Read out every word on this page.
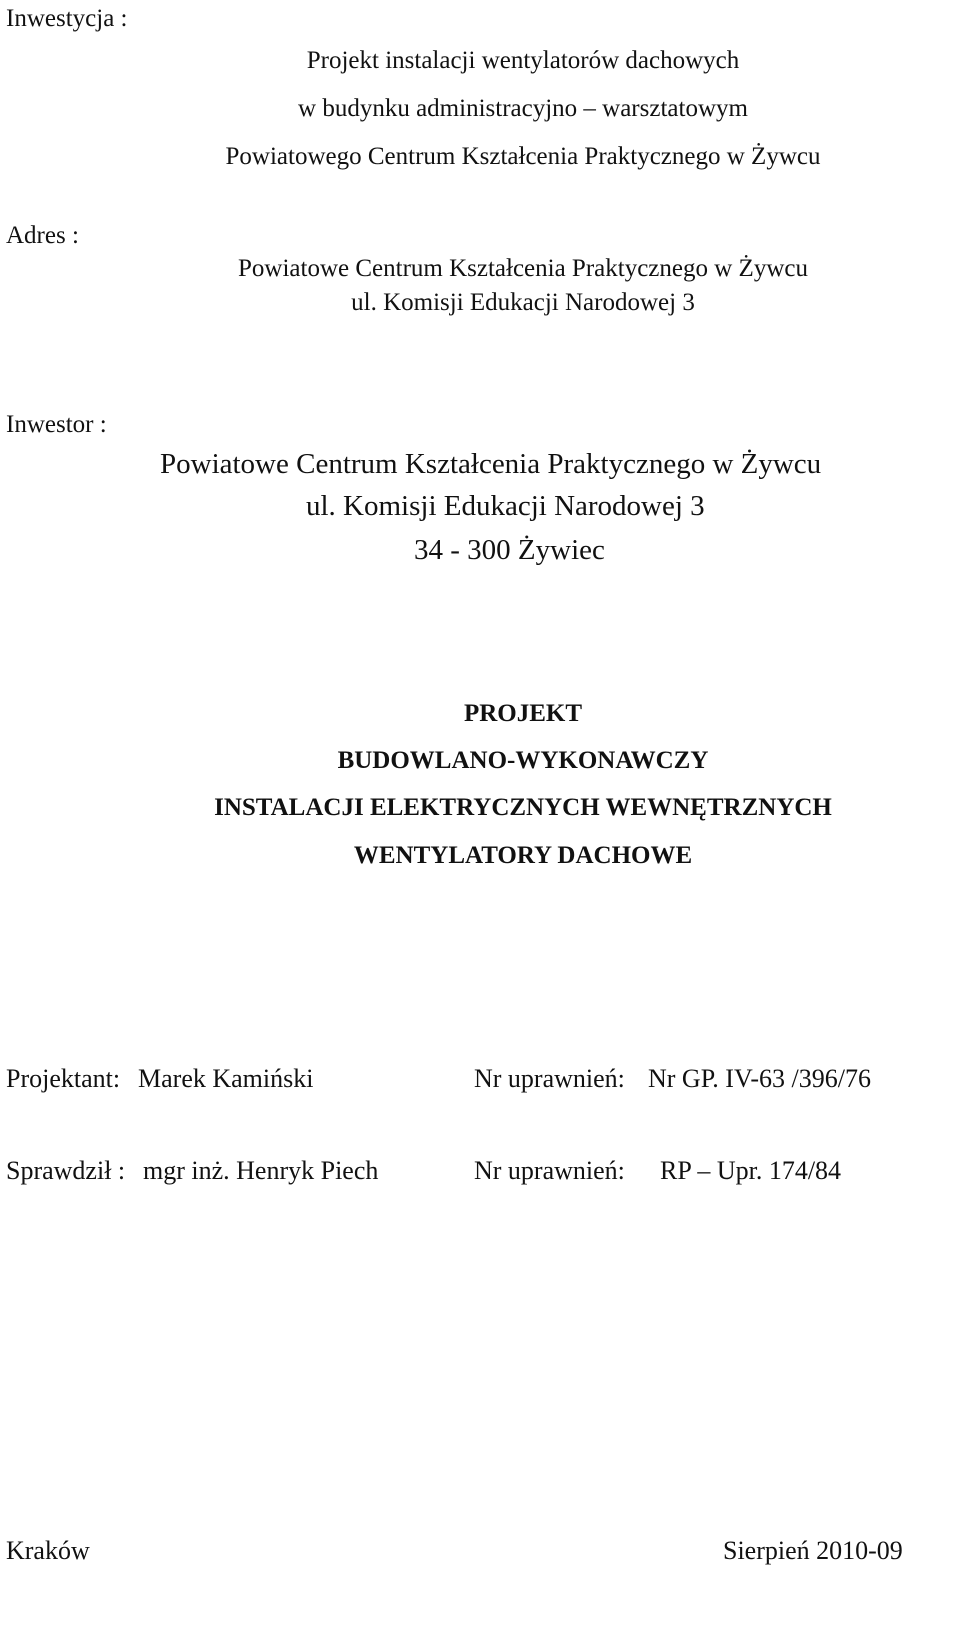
Inwestycja :
Projekt instalacji wentylatorów dachowych
w budynku administracyjno – warsztatowym
Powiatowego Centrum Kształcenia Praktycznego w Żywcu
Adres :
Powiatowe Centrum Kształcenia Praktycznego w Żywcu
ul. Komisji Edukacji Narodowej 3
Inwestor :
Powiatowe Centrum Kształcenia Praktycznego w Żywcu
ul. Komisji Edukacji Narodowej 3
34 - 300 Żywiec
PROJEKT
BUDOWLANO-WYKONAWCZY
INSTALACJI ELEKTRYCZNYCH WEWNĘTRZNYCH
WENTYLATORY DACHOWE
Projektant: Marek Kamiński	Nr uprawnień: Nr GP. IV-63 /396/76
Sprawdził : mgr inż. Henryk Piech	Nr uprawnień: RP – Upr. 174/84
Kraków	Sierpień 2010-09
